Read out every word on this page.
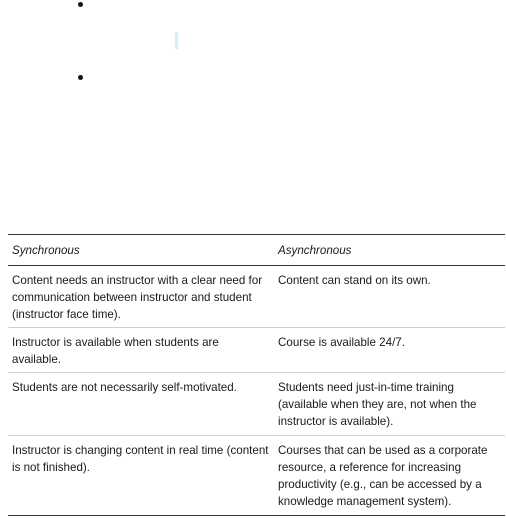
Synchronous	Asynchronous
Content needs an instructor with a clear need for communication between instructor and student (instructor face time).	Content can stand on its own.
Instructor is available when students are available.	Course is available 24/7.
Students are not necessarily self-motivated.	Students need just-in-time training (available when they are, not when the instructor is available).
Instructor is changing content in real time (content is not finished).	Courses that can be used as a corporate resource, a reference for increasing productivity (e.g., can be accessed by a knowledge management system).
